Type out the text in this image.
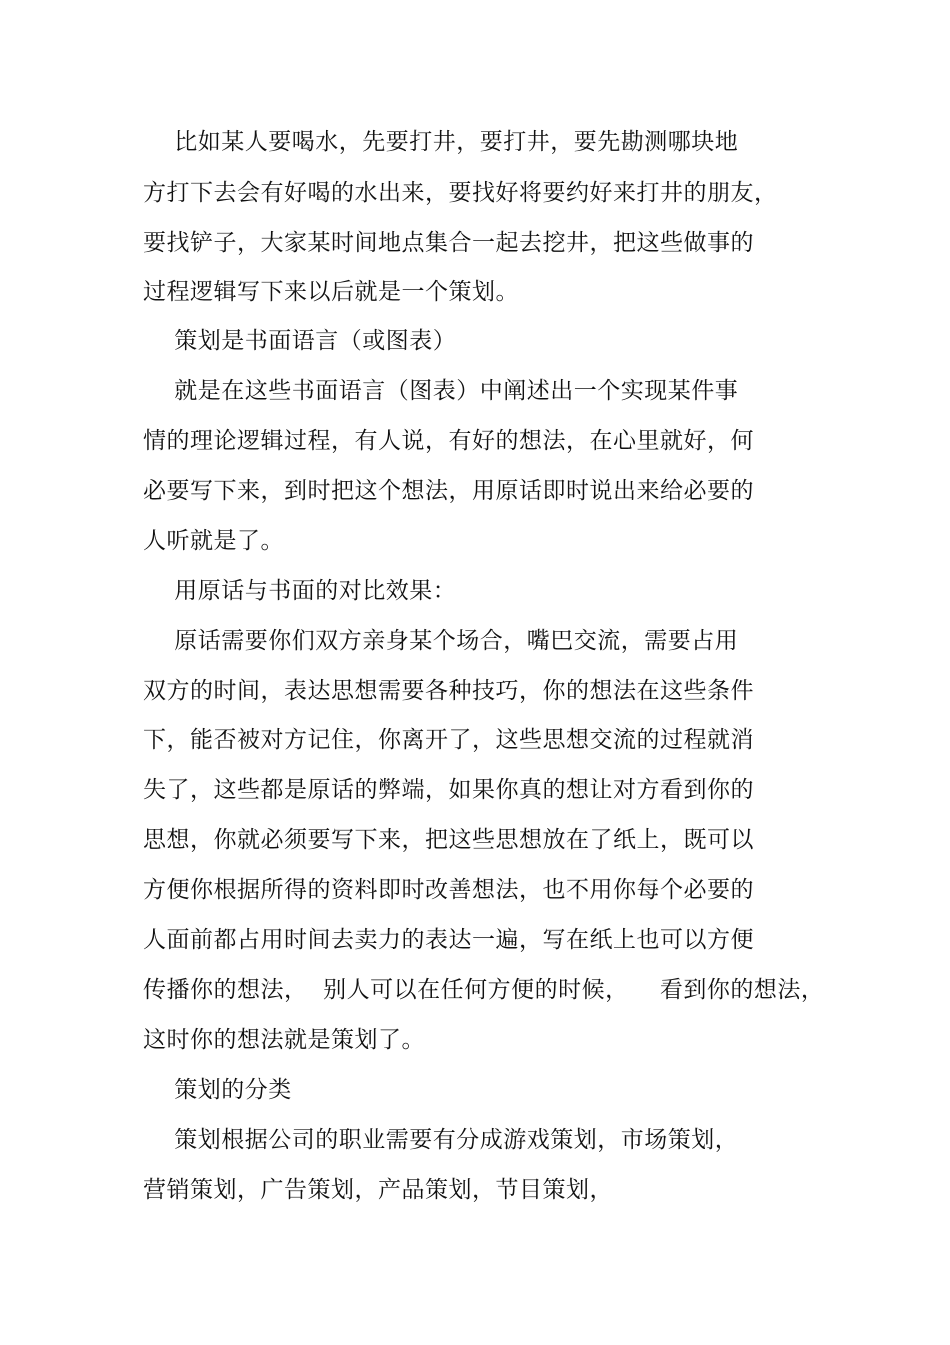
比如某人要喝水，先要打井，要打井，要先勘测哪块地
方打下去会有好喝的水出来，要找好将要约好来打井的朋友，
要找铲子，大家某时间地点集合一起去挖井，把这些做事的
过程逻辑写下来以后就是一个策划。
策划是书面语言（或图表）
就是在这些书面语言（图表）中阐述出一个实现某件事
情的理论逻辑过程，有人说，有好的想法，在心里就好，何
必要写下来，到时把这个想法，用原话即时说出来给必要的
人听就是了。
用原话与书面的对比效果：
原话需要你们双方亲身某个场合，嘴巴交流，需要占用
双方的时间，表达思想需要各种技巧，你的想法在这些条件
下，能否被对方记住，你离开了，这些思想交流的过程就消
失了，这些都是原话的弊端，如果你真的想让对方看到你的
思想，你就必须要写下来，把这些思想放在了纸上，既可以
方便你根据所得的资料即时改善想法，也不用你每个必要的
人面前都占用时间去卖力的表达一遍，写在纸上也可以方便
传播你的想法，  别人可以在任何方便的时候，    看到你的想法，
这时你的想法就是策划了。
策划的分类
策划根据公司的职业需要有分成游戏策划，市场策划，
营销策划，广告策划，产品策划，节目策划，
